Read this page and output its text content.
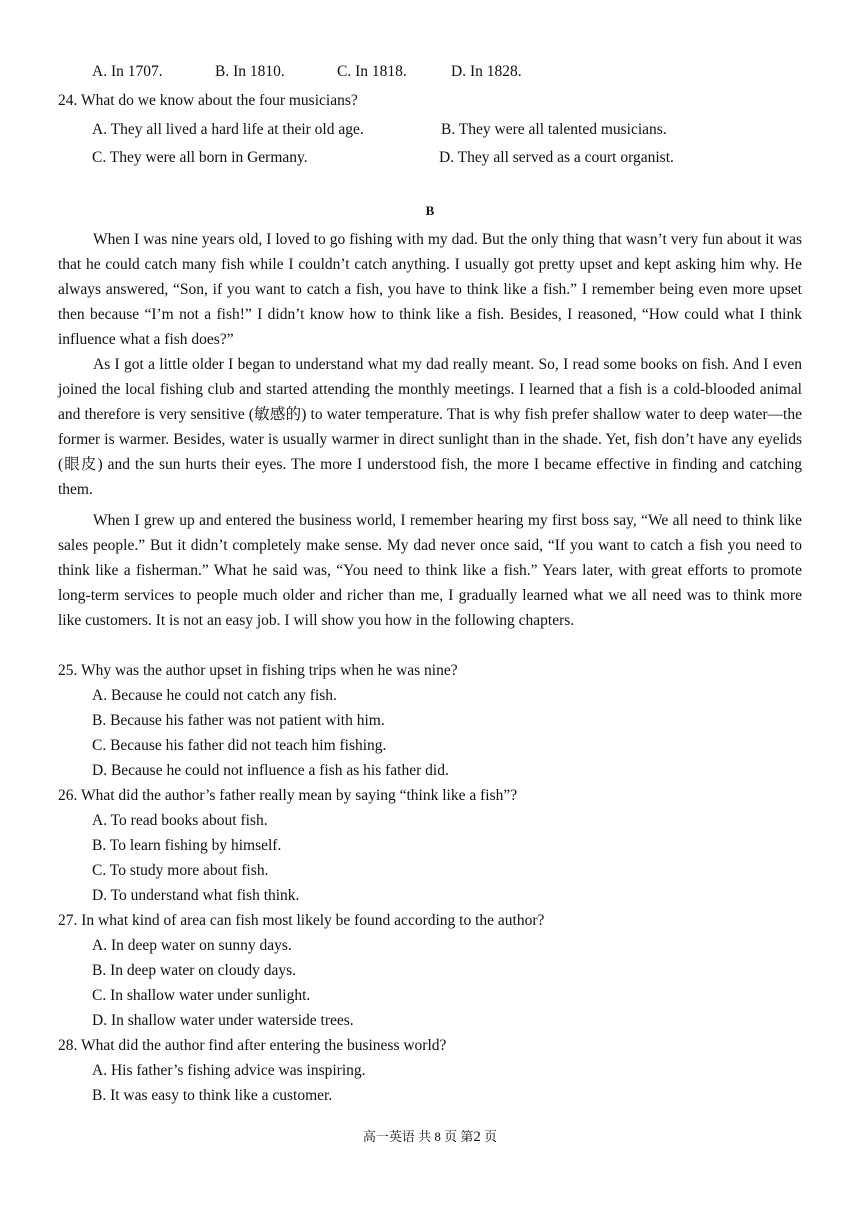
A. In 1707.	B. In 1810.	C. In 1818.	D. In 1828.
24. What do we know about the four musicians?
A. They all lived a hard life at their old age.	B. They were all talented musicians.
C. They were all born in Germany.	D. They all served as a court organist.
B

When I was nine years old, I loved to go fishing with my dad. But the only thing that wasn’t very fun about it was that he could catch many fish while I couldn’t catch anything. I usually got pretty upset and kept asking him why. He always answered, “Son, if you want to catch a fish, you have to think like a fish.” I remember being even more upset then because “I’m not a fish!” I didn’t know how to think like a fish. Besides, I reasoned, “How could what I think influence what a fish does?”

As I got a little older I began to understand what my dad really meant. So, I read some books on fish. And I even joined the local fishing club and started attending the monthly meetings. I learned that a fish is a cold-blooded animal and therefore is very sensitive (敏感的) to water temperature. That is why fish prefer shallow water to deep water—the former is warmer. Besides, water is usually warmer in direct sunlight than in the shade. Yet, fish don’t have any eyelids (眼皮) and the sun hurts their eyes. The more I understood fish, the more I became effective in finding and catching them.

When I grew up and entered the business world, I remember hearing my first boss say, “We all need to think like sales people.” But it didn’t completely make sense. My dad never once said, “If you want to catch a fish you need to think like a fisherman.” What he said was, “You need to think like a fish.” Years later, with great efforts to promote long-term services to people much older and richer than me, I gradually learned what we all need was to think more like customers. It is not an easy job. I will show you how in the following chapters.

25. Why was the author upset in fishing trips when he was nine?
A. Because he could not catch any fish.
B. Because his father was not patient with him.
C. Because his father did not teach him fishing.
D. Because he could not influence a fish as his father did.
26. What did the author’s father really mean by saying “think like a fish”?
A. To read books about fish.
B. To learn fishing by himself.
C. To study more about fish.
D. To understand what fish think.
27. In what kind of area can fish most likely be found according to the author?
A. In deep water on sunny days.
B. In deep water on cloudy days.
C. In shallow water under sunlight.
D. In shallow water under waterside trees.
28. What did the author find after entering the business world?
A. His father’s fishing advice was inspiring.
B. It was easy to think like a customer.
高一英语 共 8 页 第2 页
